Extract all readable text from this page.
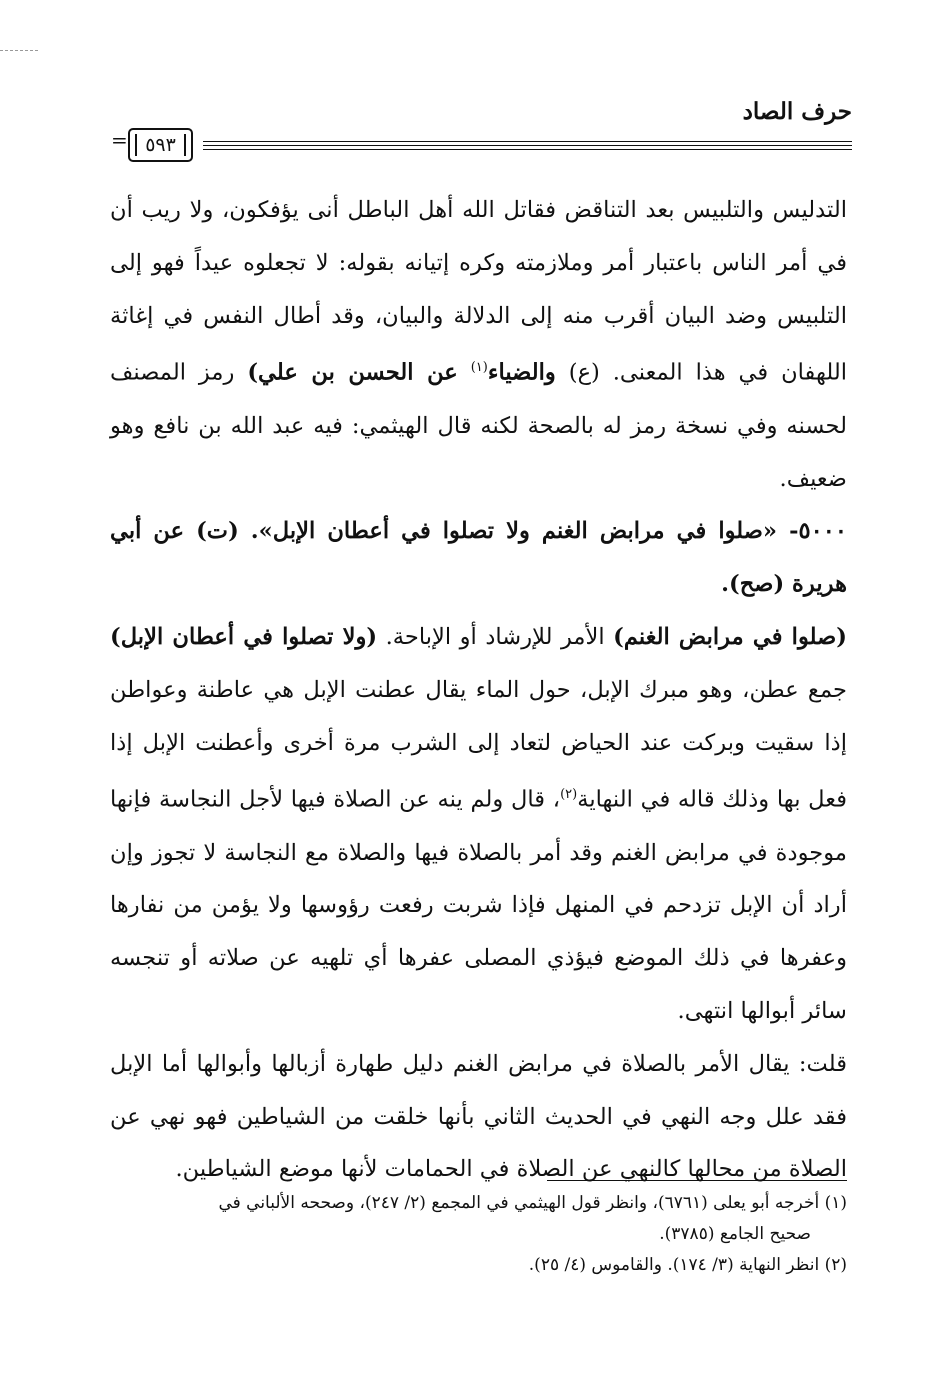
حرف الصاد
٥٩٣
=

التدليس والتلبيس بعد التناقض فقاتل الله أهل الباطل أنى يؤفكون، ولا ريب أن في أمر الناس باعتبار أمر وملازمته وكره إتيانه بقوله: لا تجعلوه عيداً فهو إلى التلبيس وضد البيان أقرب منه إلى الدلالة والبيان، وقد أطال النفس في إغاثة اللهفان في هذا المعنى. (ع) والضياء$^{(١)}$ عن الحسن بن علي) رمز المصنف لحسنه وفي نسخة رمز له بالصحة لكنه قال الهيثمي: فيه عبد الله بن نافع وهو ضعيف.

٥٠٠٠- «صلوا في مرابض الغنم ولا تصلوا في أعطان الإبل». (ت) عن أبي هريرة (صح).

(صلوا في مرابض الغنم) الأمر للإرشاد أو الإباحة. (ولا تصلوا في أعطان الإبل) جمع عطن، وهو مبرك الإبل، حول الماء يقال عطنت الإبل هي عاطنة وعواطن إذا سقيت وبركت عند الحياض لتعاد إلى الشرب مرة أخرى وأعطنت الإبل إذا فعل بها وذلك قاله في النهاية$^{(٢)}$، قال ولم ينه عن الصلاة فيها لأجل النجاسة فإنها موجودة في مرابض الغنم وقد أمر بالصلاة فيها والصلاة مع النجاسة لا تجوز وإن أراد أن الإبل تزدحم في المنهل فإذا شربت رفعت رؤوسها ولا يؤمن من نفارها وعفرها في ذلك الموضع فيؤذي المصلى عفرها أي تلهيه عن صلاته أو تنجسه سائر أبوالها انتهى.

قلت: يقال الأمر بالصلاة في مرابض الغنم دليل طهارة أزبالها وأبوالها أما الإبل فقد علل وجه النهي في الحديث الثاني بأنها خلقت من الشياطين فهو نهي عن الصلاة من محالها كالنهي عن الصلاة في الحمامات لأنها موضع الشياطين.

(١) أخرجه أبو يعلى (٦٧٦١)، وانظر قول الهيثمي في المجمع (٢/ ٢٤٧)، وصححه الألباني في

صحيح الجامع (٣٧٨٥).

(٢) انظر النهاية (٣/ ١٧٤). والقاموس (٤/ ٢٥).
